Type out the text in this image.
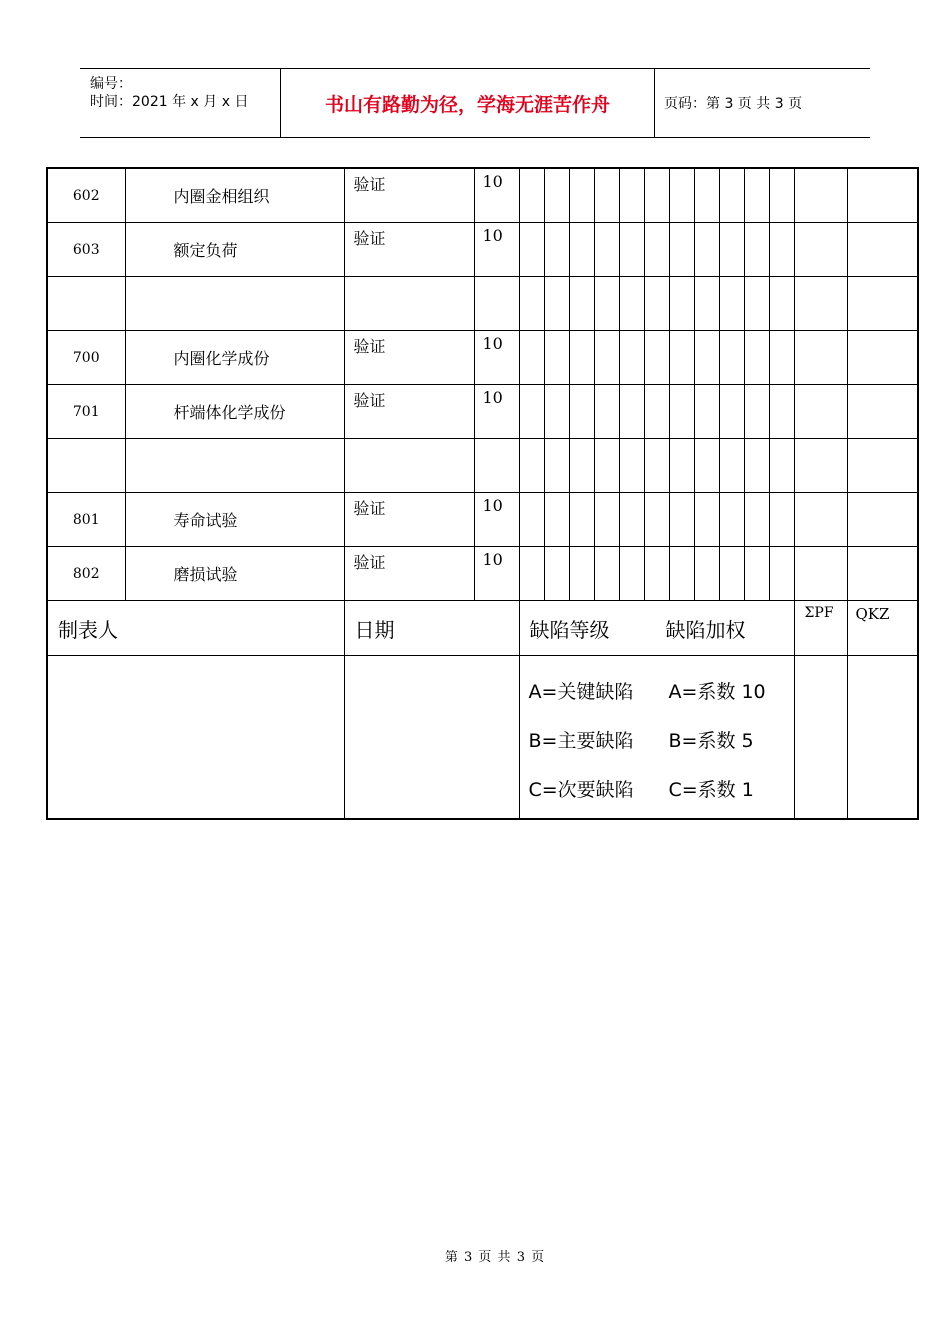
编号：
时间：2021 年 x 月 x 日	书山有路勤为径，学海无涯苦作舟	页码：第 3 页 共 3 页
602	内圈金相组织	验证	10													
603	额定负荷	验证	10													

700	内圈化学成份	验证	10													
701	杆端体化学成份	验证	10													

801	寿命试验	验证	10													
802	磨损试验	验证	10													
制表人		日期		缺陷等级 缺陷加权											ΣPF	QKZ

				A=关键缺陷 A=系数 10
B=主要缺陷 B=系数 5
C=次要缺陷 C=系数 1												

第 3 页 共 3 页
